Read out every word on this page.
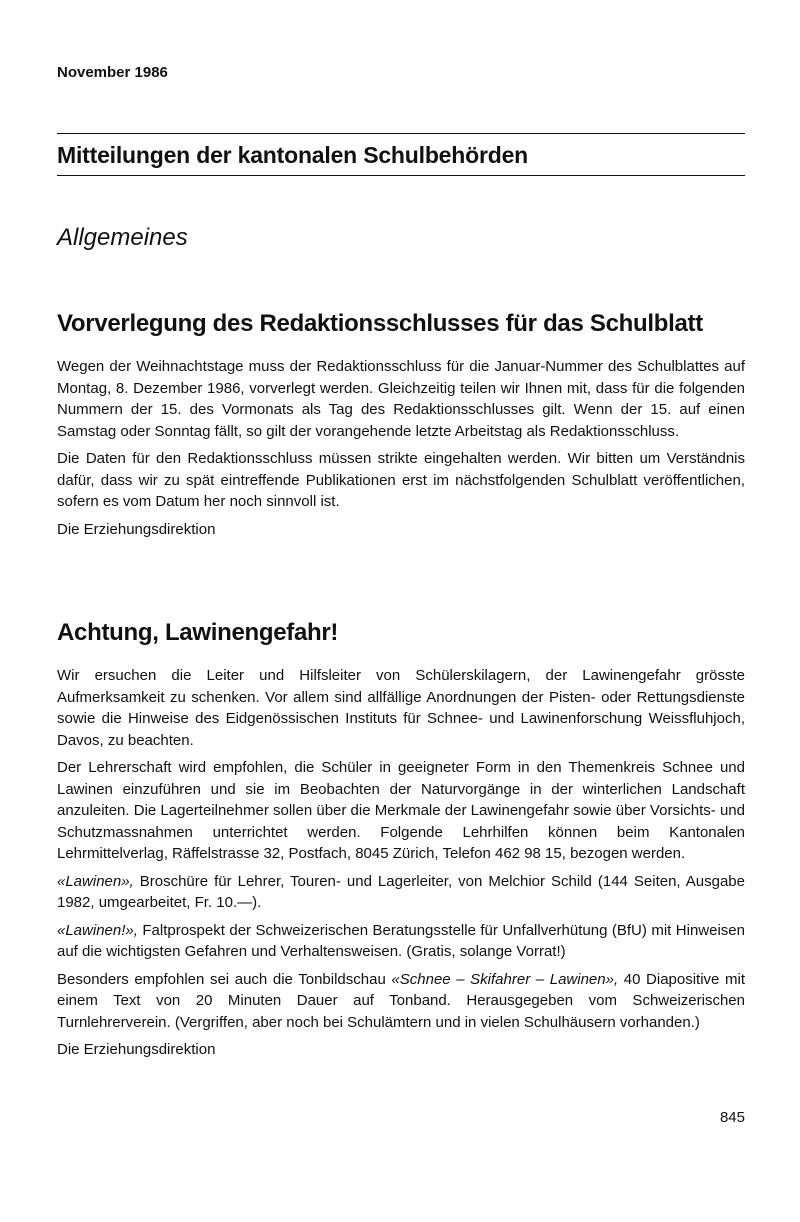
November 1986
Mitteilungen der kantonalen Schulbehörden
Allgemeines
Vorverlegung des Redaktionsschlusses für das Schulblatt

Wegen der Weihnachtstage muss der Redaktionsschluss für die Januar-Nummer des Schulblattes auf Montag, 8. Dezember 1986, vorverlegt werden. Gleichzeitig teilen wir Ihnen mit, dass für die folgenden Nummern der 15. des Vormonats als Tag des Redaktionsschlusses gilt. Wenn der 15. auf einen Samstag oder Sonntag fällt, so gilt der vorangehende letzte Arbeitstag als Redaktionsschluss.

Die Daten für den Redaktionsschluss müssen strikte eingehalten werden. Wir bitten um Verständnis dafür, dass wir zu spät eintreffende Publikationen erst im nächstfolgenden Schulblatt veröffentlichen, sofern es vom Datum her noch sinnvoll ist.

Die Erziehungsdirektion

Achtung, Lawinengefahr!

Wir ersuchen die Leiter und Hilfsleiter von Schülerskilagern, der Lawinengefahr grösste Aufmerksamkeit zu schenken. Vor allem sind allfällige Anordnungen der Pisten- oder Rettungsdienste sowie die Hinweise des Eidgenössischen Instituts für Schnee- und Lawinenforschung Weissfluhjoch, Davos, zu beachten.

Der Lehrerschaft wird empfohlen, die Schüler in geeigneter Form in den Themenkreis Schnee und Lawinen einzuführen und sie im Beobachten der Naturvorgänge in der winterlichen Landschaft anzuleiten. Die Lagerteilnehmer sollen über die Merkmale der Lawinengefahr sowie über Vorsichts- und Schutzmassnahmen unterrichtet werden. Folgende Lehrhilfen können beim Kantonalen Lehrmittelverlag, Räffelstrasse 32, Postfach, 8045 Zürich, Telefon 462 98 15, bezogen werden.

«Lawinen», Broschüre für Lehrer, Touren- und Lagerleiter, von Melchior Schild (144 Seiten, Ausgabe 1982, umgearbeitet, Fr. 10.—).

«Lawinen!», Faltprospekt der Schweizerischen Beratungsstelle für Unfallverhütung (BfU) mit Hinweisen auf die wichtigsten Gefahren und Verhaltensweisen. (Gratis, solange Vorrat!)

Besonders empfohlen sei auch die Tonbildschau «Schnee – Skifahrer – Lawinen», 40 Diapositive mit einem Text von 20 Minuten Dauer auf Tonband. Herausgegeben vom Schweizerischen Turnlehrerverein. (Vergriffen, aber noch bei Schulämtern und in vielen Schulhäusern vorhanden.)

Die Erziehungsdirektion

845
